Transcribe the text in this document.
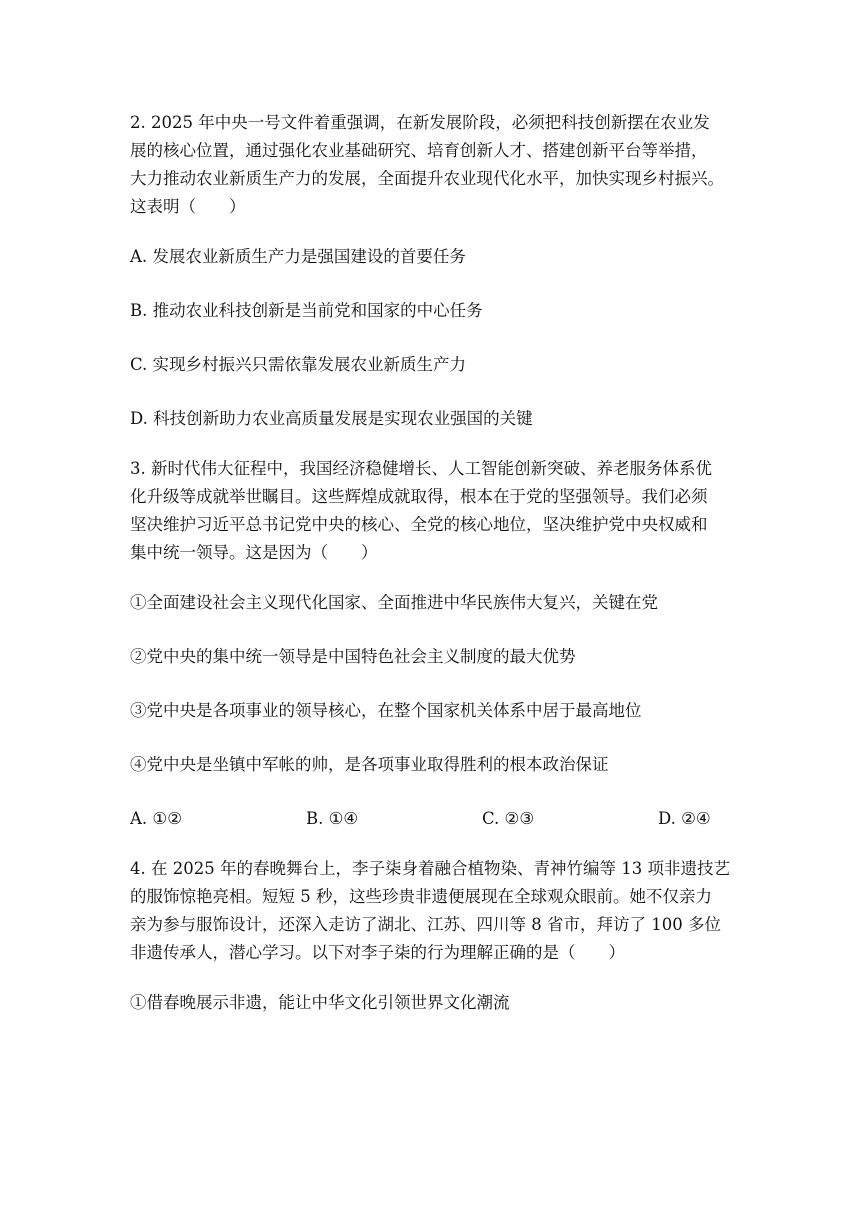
2. 2025 年中央一号文件着重强调，在新发展阶段，必须把科技创新摆在农业发
展的核心位置，通过强化农业基础研究、培育创新人才、搭建创新平台等举措，
大力推动农业新质生产力的发展，全面提升农业现代化水平，加快实现乡村振兴。
这表明（　　）

A. 发展农业新质生产力是强国建设的首要任务

B. 推动农业科技创新是当前党和国家的中心任务

C. 实现乡村振兴只需依靠发展农业新质生产力

D. 科技创新助力农业高质量发展是实现农业强国的关键

3. 新时代伟大征程中，我国经济稳健增长、人工智能创新突破、养老服务体系优
化升级等成就举世瞩目。这些辉煌成就取得，根本在于党的坚强领导。我们必须
坚决维护习近平总书记党中央的核心、全党的核心地位，坚决维护党中央权威和
集中统一领导。这是因为（　　）

①全面建设社会主义现代化国家、全面推进中华民族伟大复兴，关键在党

②党中央的集中统一领导是中国特色社会主义制度的最大优势

③党中央是各项事业的领导核心，在整个国家机关体系中居于最高地位

④党中央是坐镇中军帐的帅，是各项事业取得胜利的根本政治保证

A. ①②	B. ①④	C. ②③	D. ②④
4. 在 2025 年的春晚舞台上，李子柒身着融合植物染、青神竹编等 13 项非遗技艺
的服饰惊艳亮相。短短 5 秒，这些珍贵非遗便展现在全球观众眼前。她不仅亲力
亲为参与服饰设计，还深入走访了湖北、江苏、四川等 8 省市，拜访了 100 多位
非遗传承人，潜心学习。以下对李子柒的行为理解正确的是（　　）

①借春晚展示非遗，能让中华文化引领世界文化潮流
